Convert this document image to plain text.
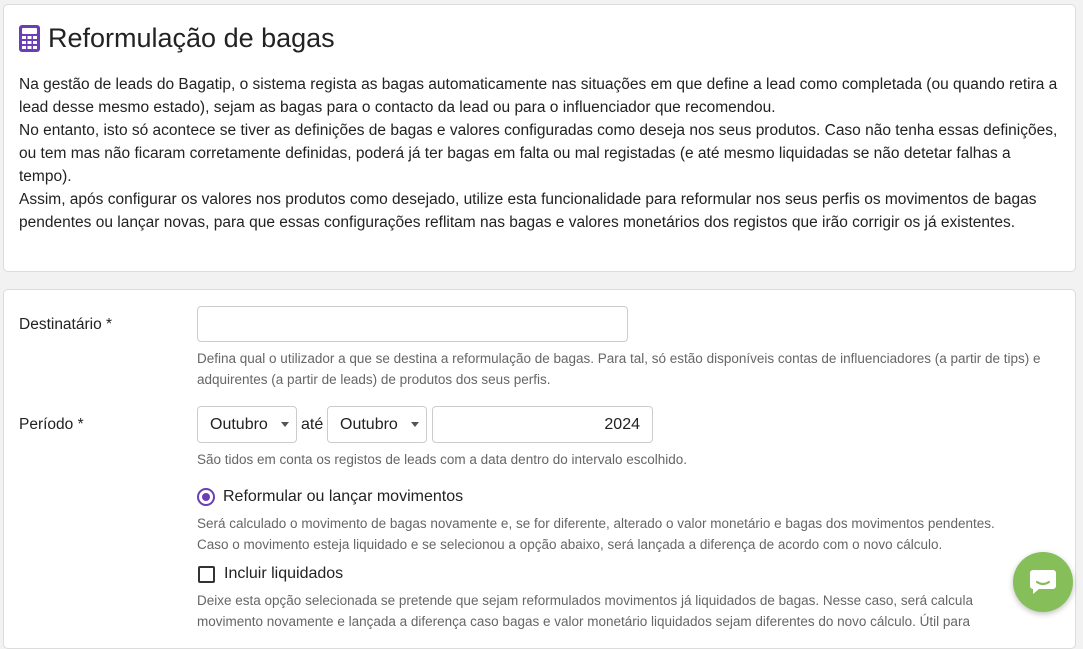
Reformulação de bagas

Na gestão de leads do Bagatip, o sistema regista as bagas automaticamente nas situações em que define a lead como completada (ou quando retira a lead desse mesmo estado), sejam as bagas para o contacto da lead ou para o influenciador que recomendou.

No entanto, isto só acontece se tiver as definições de bagas e valores configuradas como deseja nos seus produtos. Caso não tenha essas definições, ou tem mas não ficaram corretamente definidas, poderá já ter bagas em falta ou mal registadas (e até mesmo liquidadas se não detetar falhas a tempo).

Assim, após configurar os valores nos produtos como desejado, utilize esta funcionalidade para reformular nos seus perfis os movimentos de bagas pendentes ou lançar novas, para que essas configurações reflitam nas bagas e valores monetários dos registos que irão corrigir os já existentes.

Destinatário *
Defina qual o utilizador a que se destina a reformulação de bagas. Para tal, só estão disponíveis contas de influenciadores (a partir de tips) e adquirentes (a partir de leads) de produtos dos seus perfis.
Período *	Outubro até Outubro	2024
São tidos em conta os registos de leads com a data dentro do intervalo escolhido.
Reformular ou lançar movimentos
Será calculado o movimento de bagas novamente e, se for diferente, alterado o valor monetário e bagas dos movimentos pendentes.
Caso o movimento esteja liquidado e se selecionou a opção abaixo, será lançada a diferença de acordo com o novo cálculo.
Incluir liquidados
Deixe esta opção selecionada se pretende que sejam reformulados movimentos já liquidados de bagas. Nesse caso, será calcula
movimento novamente e lançada a diferença caso bagas e valor monetário liquidados sejam diferentes do novo cálculo. Útil para
